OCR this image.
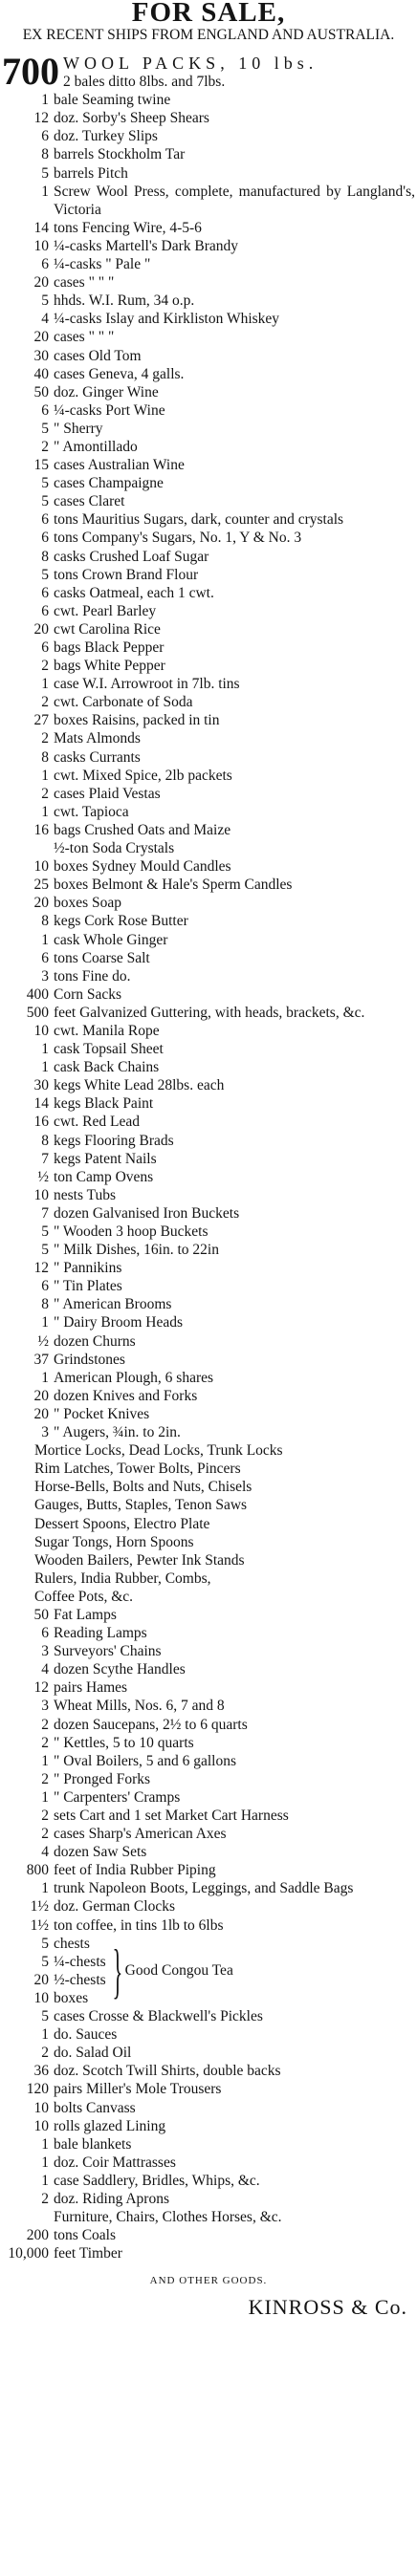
FOR SALE,
EX RECENT SHIPS FROM ENGLAND AND AUSTRALIA.
700 WOOL PACKS, 10 lbs.
2 bales ditto 8lbs. and 7lbs.
1 bale Seaming twine
12 doz. Sorby's Sheep Shears
6 doz. Turkey Slips
8 barrels Stockholm Tar
5 barrels Pitch
1 Screw Wool Press, complete, manufactured by Langland's, Victoria
14 tons Fencing Wire, 4-5-6
10 ¼-casks Martell's Dark Brandy
6 ¼-casks " Pale "
20 cases " " "
5 hhds. W.I. Rum, 34 o.p.
4 ¼-casks Islay and Kirkliston Whiskey
20 cases " " "
30 cases Old Tom
40 cases Geneva, 4 galls.
50 doz. Ginger Wine
6 ¼-casks Port Wine
5 " Sherry
2 " Amontillado
15 cases Australian Wine
5 cases Champaigne
5 cases Claret
6 tons Mauritius Sugars, dark, counter and crystals
6 tons Company's Sugars, No. 1, Y & No. 3
8 casks Crushed Loaf Sugar
5 tons Crown Brand Flour
6 casks Oatmeal, each 1 cwt.
6 cwt. Pearl Barley
20 cwt Carolina Rice
6 bags Black Pepper
2 bags White Pepper
1 case W.I. Arrowroot in 7lb. tins
2 cwt. Carbonate of Soda
27 boxes Raisins, packed in tin
2 Mats Almonds
8 casks Currants
1 cwt. Mixed Spice, 2lb packets
2 cases Plaid Vestas
1 cwt. Tapioca
16 bags Crushed Oats and Maize
½-ton Soda Crystals
10 boxes Sydney Mould Candles
25 boxes Belmont & Hale's Sperm Candles
20 boxes Soap
8 kegs Cork Rose Butter
1 cask Whole Ginger
6 tons Coarse Salt
3 tons Fine do.
400 Corn Sacks
500 feet Galvanized Guttering, with heads, brackets, &c.
10 cwt. Manila Rope
1 cask Topsail Sheet
1 cask Back Chains
30 kegs White Lead 28lbs. each
14 kegs Black Paint
16 cwt. Red Lead
8 kegs Flooring Brads
7 kegs Patent Nails
½ ton Camp Ovens
10 nests Tubs
7 dozen Galvanised Iron Buckets
5 " Wooden 3 hoop Buckets
5 " Milk Dishes, 16in. to 22in
12 " Pannikins
6 " Tin Plates
8 " American Brooms
1 " Dairy Broom Heads
½ dozen Churns
37 Grindstones
1 American Plough, 6 shares
20 dozen Knives and Forks
20 " Pocket Knives
3 " Augers, ¾in. to 2in.
Mortice Locks, Dead Locks, Trunk Locks
Rim Latches, Tower Bolts, Pincers
Horse-Bells, Bolts and Nuts, Chisels
Gauges, Butts, Staples, Tenon Saws
Dessert Spoons, Electro Plate
Sugar Tongs, Horn Spoons
Wooden Bailers, Pewter Ink Stands
Rulers, India Rubber, Combs,
Coffee Pots, &c.
50 Fat Lamps
6 Reading Lamps
3 Surveyors' Chains
4 dozen Scythe Handles
12 pairs Hames
3 Wheat Mills, Nos. 6, 7 and 8
2 dozen Saucepans, 2½ to 6 quarts
2 " Kettles, 5 to 10 quarts
1 " Oval Boilers, 5 and 6 gallons
2 " Pronged Forks
1 " Carpenters' Cramps
2 sets Cart and 1 set Market Cart Harness
2 cases Sharp's American Axes
4 dozen Saw Sets
800 feet of India Rubber Piping
1 trunk Napoleon Boots, Leggings, and Saddle Bags
1½ doz. German Clocks
1½ ton coffee, in tins 1lb to 6lbs
5 chests
5 ¼-chests
20 ½-chests
10 boxes } Good Congou Tea
5 cases Crosse & Blackwell's Pickles
1 do. Sauces
2 do. Salad Oil
36 doz. Scotch Twill Shirts, double backs
120 pairs Miller's Mole Trousers
10 bolts Canvass
10 rolls glazed Lining
1 bale blankets
1 doz. Coir Mattrasses
1 case Saddlery, Bridles, Whips, &c.
2 doz. Riding Aprons
Furniture, Chairs, Clothes Horses, &c.
200 tons Coals
10,000 feet Timber
AND OTHER GOODS.
KINROSS & Co.
